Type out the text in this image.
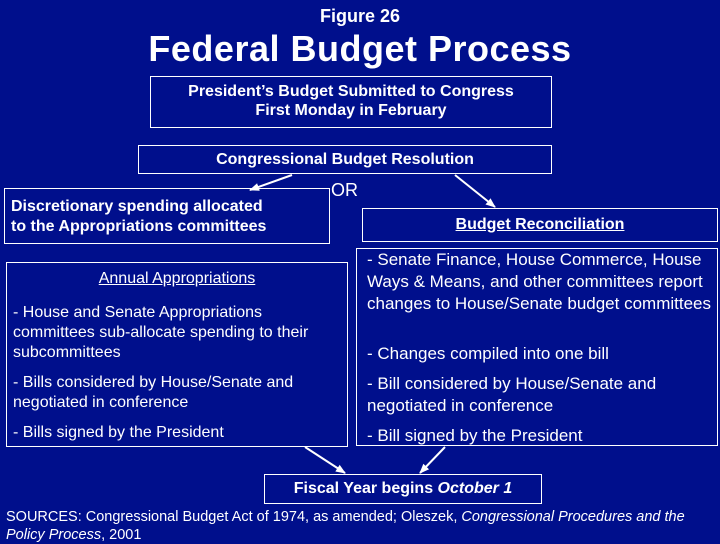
Figure 26
Federal Budget Process
President’s Budget Submitted to Congress
First Monday in February
Congressional Budget Resolution
OR
Discretionary spending allocated
to the Appropriations committees
Annual Appropriations
- House and Senate Appropriations committees sub-allocate spending to their subcommittees
- Bills considered by House/Senate and negotiated in conference
- Bills signed by the President
Budget Reconciliation
- Senate Finance, House Commerce, House Ways & Means, and other committees report changes to House/Senate budget committees
- Changes compiled into one bill
- Bill considered by House/Senate and negotiated in conference
- Bill signed by the President
Fiscal Year begins October 1
SOURCES: Congressional Budget Act of 1974, as amended; Oleszek, Congressional Procedures and the Policy Process, 2001
